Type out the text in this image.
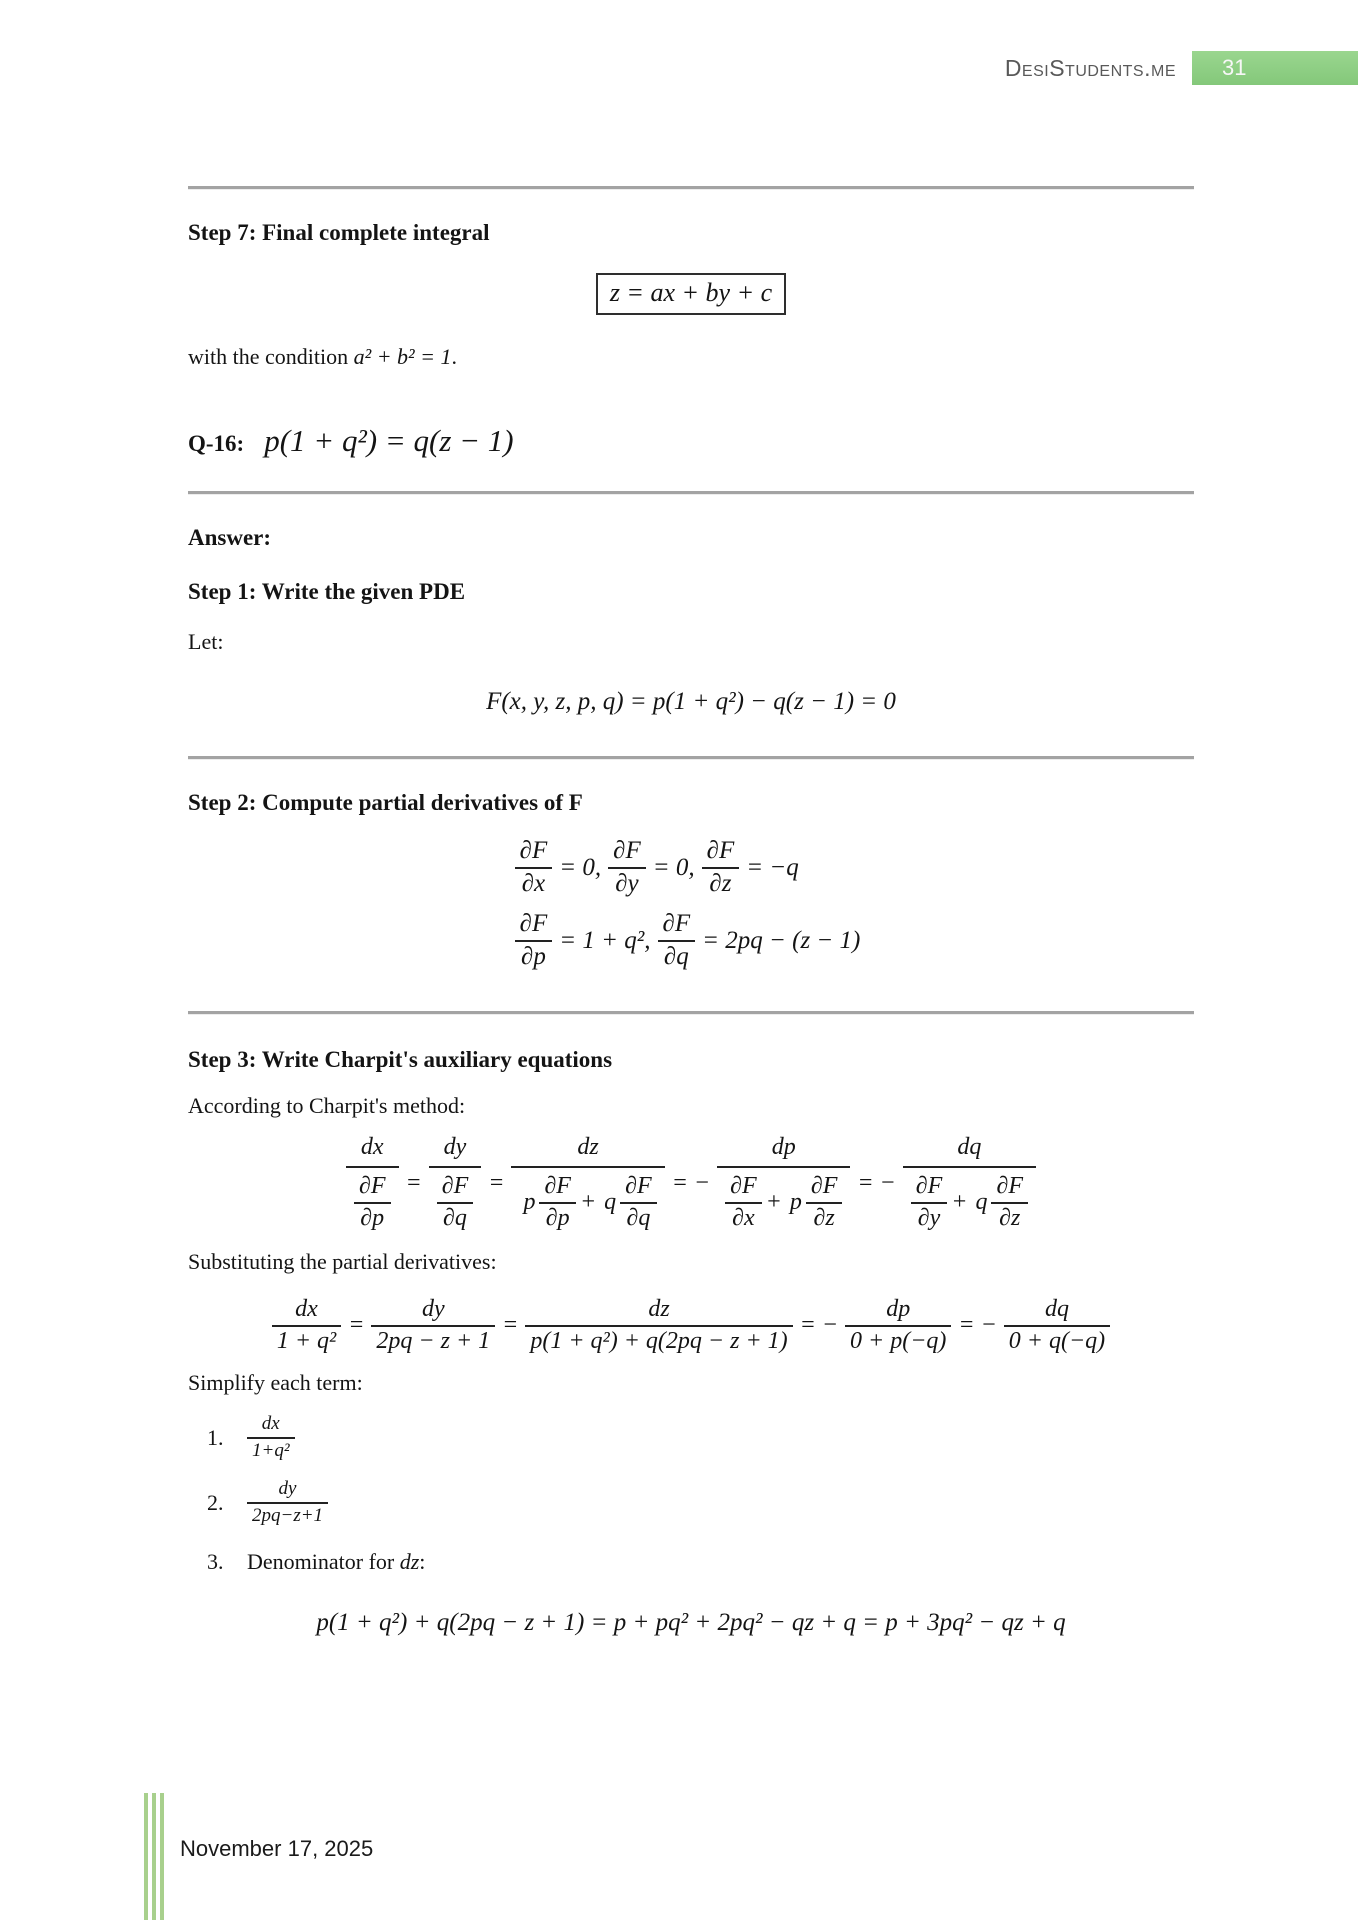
DesiStudents.me 31
Step 7: Final complete integral
z = ax + by + c

with the condition a² + b² = 1.

Q-16: p(1 + q²) = q(z − 1)
Answer:
Step 1: Write the given PDE

Let:

F(x, y, z, p, q) = p(1 + q²) − q(z − 1) = 0
Step 2: Compute partial derivatives of F
$\frac{\partial F}{\partial x} = 0$, $\frac{\partial F}{\partial y} = 0$, $\frac{\partial F}{\partial z} = -q$
$\frac{\partial F}{\partial p} = 1 + q^2$, $\frac{\partial F}{\partial q} = 2pq - (z - 1)$
Step 3: Write Charpit's auxiliary equations

According to Charpit's method:

$\frac{dx}{\frac{\partial F}{\partial p}} = \frac{dy}{\frac{\partial F}{\partial q}} = \frac{dz}{p \frac{\partial F}{\partial p} + q \frac{\partial F}{\partial q}}$ = − $\frac{dp}{\frac{\partial F}{\partial x} + p \frac{\partial F}{\partial z}}$ = − $\frac{dq}{\frac{\partial F}{\partial y} + q \frac{\partial F}{\partial z}}$

Substituting the partial derivatives:

$\frac{dx}{\text{1 + q²}} = \frac{dy}{2pq - z + 1} = \frac{dz}{\text{p(1 + q²) + q(2pq − z + 1)}}$ = − $\frac{dp}{0 + p(-q)}$ = − $\frac{dq}{0 + q(-q)}$

Simplify each term:

1.	$\frac{dx}{\text{1+q²}}$
2.	$\frac{dy}{2pq-z+1}$
3.	Denominator for dz:
p(1 + q²) + q(2pq − z + 1) = p + pq² + 2pq² − qz + q = p + 3pq² − qz + q
November 17, 2025
